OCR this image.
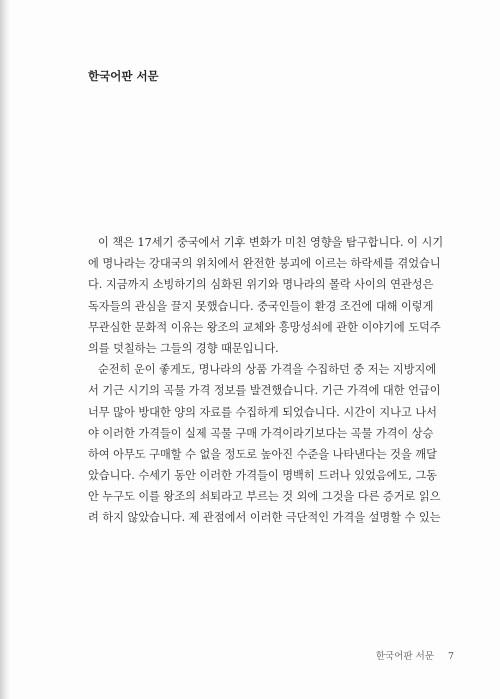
한국어판 서문
이 책은 17세기 중국에서 기후 변화가 미친 영향을 탐구합니다. 이 시기
에 명나라는 강대국의 위치에서 완전한 붕괴에 이르는 하락세를 겪었습니
다. 지금까지 소빙하기의 심화된 위기와 명나라의 몰락 사이의 연관성은
독자들의 관심을 끌지 못했습니다. 중국인들이 환경 조건에 대해 이렇게
무관심한 문화적 이유는 왕조의 교체와 흥망성쇠에 관한 이야기에 도덕주
의를 덧칠하는 그들의 경향 때문입니다.
순전히 운이 좋게도, 명나라의 상품 가격을 수집하던 중 저는 지방지에
서 기근 시기의 곡물 가격 정보를 발견했습니다. 기근 가격에 대한 언급이
너무 많아 방대한 양의 자료를 수집하게 되었습니다. 시간이 지나고 나서
야 이러한 가격들이 실제 곡물 구매 가격이라기보다는 곡물 가격이 상승
하여 아무도 구매할 수 없을 정도로 높아진 수준을 나타낸다는 것을 깨달
았습니다. 수세기 동안 이러한 가격들이 명백히 드러나 있었음에도, 그동
안 누구도 이를 왕조의 쇠퇴라고 부르는 것 외에 그것을 다른 증거로 읽으
려 하지 않았습니다. 제 관점에서 이러한 극단적인 가격을 설명할 수 있는
한국어판 서문 7
